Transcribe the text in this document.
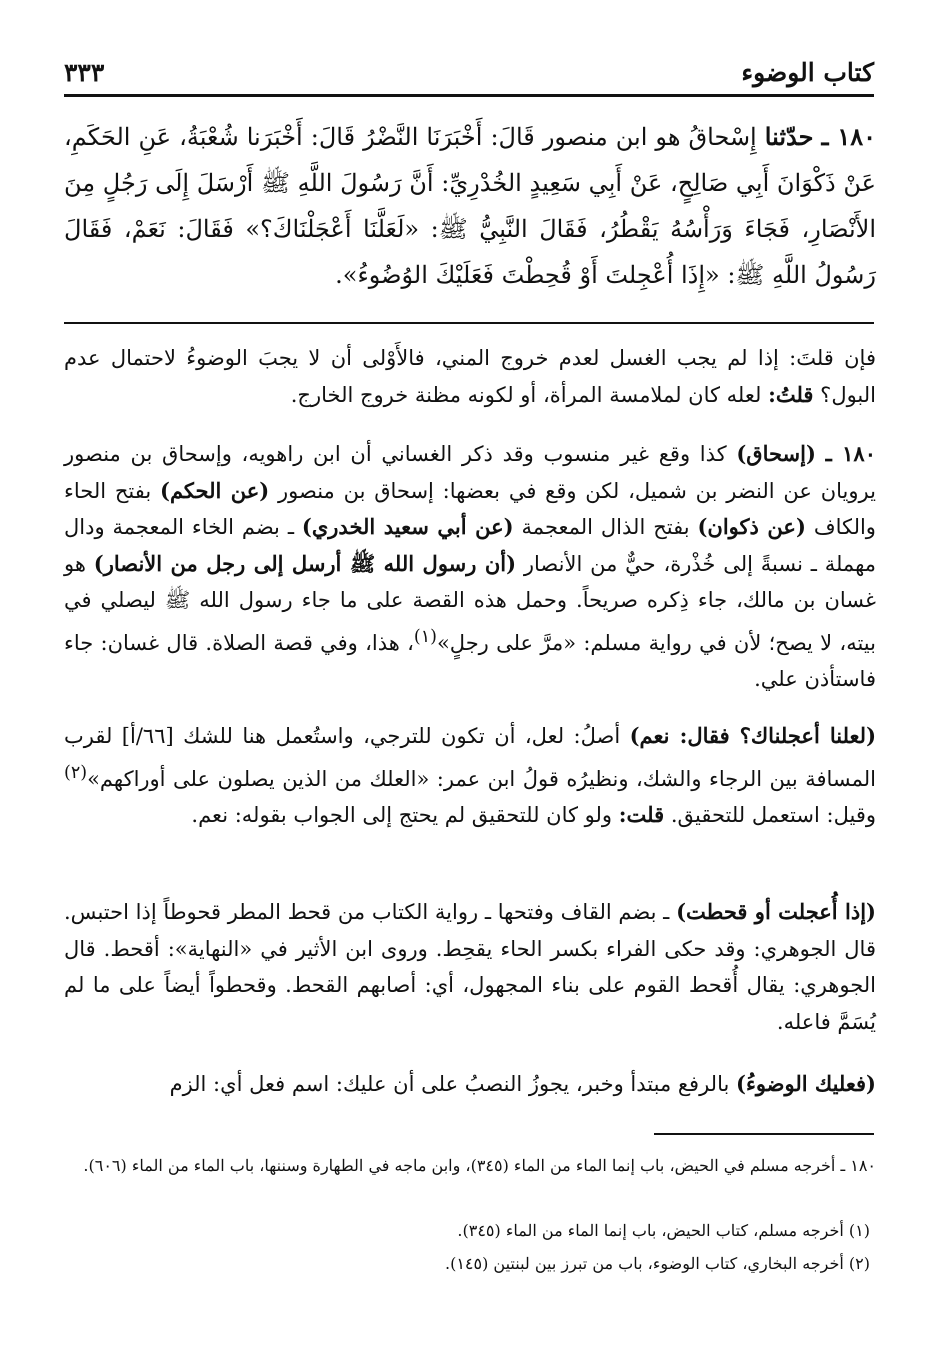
٣٣٣	كتاب الوضوء

١٨٠ ـ حدّثنا إِسْحاقُ هو ابن منصور قَالَ: أَخْبَرَنَا النَّضْرُ قَالَ: أَخْبَرَنا شُعْبَةُ، عَنِ الحَكَمِ، عَنْ ذَكْوَانَ أَبِي صَالِحٍ، عَنْ أَبِي سَعِيدٍ الخُدْرِيِّ: أَنَّ رَسُولَ اللَّهِ ﷺ أَرْسَلَ إِلَى رَجُلٍ مِنَ الأَنْصَارِ، فَجَاءَ وَرَأْسُهُ يَقْطُرُ، فَقَالَ النَّبِيُّ ﷺ: «لَعَلَّنَا أَعْجَلْنَاكَ؟» فَقَالَ: نَعَمْ، فَقَالَ رَسُولُ اللَّهِ ﷺ: «إِذَا أُعْجِلتَ أَوْ قُحِطْتَ فَعَلَيْكَ الوُضُوءُ».

فإن قلتَ: إذا لم يجب الغسل لعدم خروج المني، فالأَوْلى أن لا يجبَ الوضوءُ لاحتمال عدم البول؟ قلتُ: لعله كان لملامسة المرأة، أو لكونه مظنة خروج الخارج.

١٨٠ ـ (إسحاق) كذا وقع غير منسوب وقد ذكر الغساني أن ابن راهويه، وإسحاق بن منصور يرويان عن النضر بن شميل، لكن وقع في بعضها: إسحاق بن منصور (عن الحكم) بفتح الحاء والكاف (عن ذكوان) بفتح الذال المعجمة (عن أبي سعيد الخدري) ـ بضم الخاء المعجمة ودال مهملة ـ نسبةً إلى خُذْرة، حيٌّ من الأنصار (أن رسول الله ﷺ أرسل إلى رجل من الأنصار) هو غسان بن مالك، جاء ذِكره صريحاً. وحمل هذه القصة على ما جاء رسول الله ﷺ ليصلي في بيته، لا يصح؛ لأن في رواية مسلم: «مرَّ على رجلٍ»$^{(١)}$، هذا، وفي قصة الصلاة. قال غسان: جاء فاستأذن علي.

(لعلنا أعجلناك؟ فقال: نعم) أصلُ: لعل، أن تكون للترجي، واستُعمل هنا للشك [٦٦/أ] لقرب المسافة بين الرجاء والشك، ونظيرُه قولُ ابن عمر: «العلك من الذين يصلون على أوراكهم»$^{(٢)}$ وقيل: استعمل للتحقيق. قلت: ولو كان للتحقيق لم يحتج إلى الجواب بقوله: نعم.

(إذا أُعجلت أو قحطت) ـ بضم القاف وفتحها ـ رواية الكتاب من قحط المطر قحوطاً إذا احتبس. قال الجوهري: وقد حكى الفراء بكسر الحاء يقحِط. وروى ابن الأثير في «النهاية»: أقحط. قال الجوهري: يقال أُقحط القوم على بناء المجهول، أي: أصابهم القحط. وقحطواً أيضاً على ما لم يُسَمَّ فاعله.

(فعليك الوضوءُ) بالرفع مبتدأ وخبر، يجوزُ النصبُ على أن عليك: اسم فعل أي: الزم

١٨٠ ـ أخرجه مسلم في الحيض، باب إنما الماء من الماء (٣٤٥)، وابن ماجه في الطهارة وسننها، باب الماء من الماء (٦٠٦).

(١) أخرجه مسلم، كتاب الحيض، باب إنما الماء من الماء (٣٤٥).

(٢) أخرجه البخاري، كتاب الوضوء، باب من تبرز بين لبنتين (١٤٥).
